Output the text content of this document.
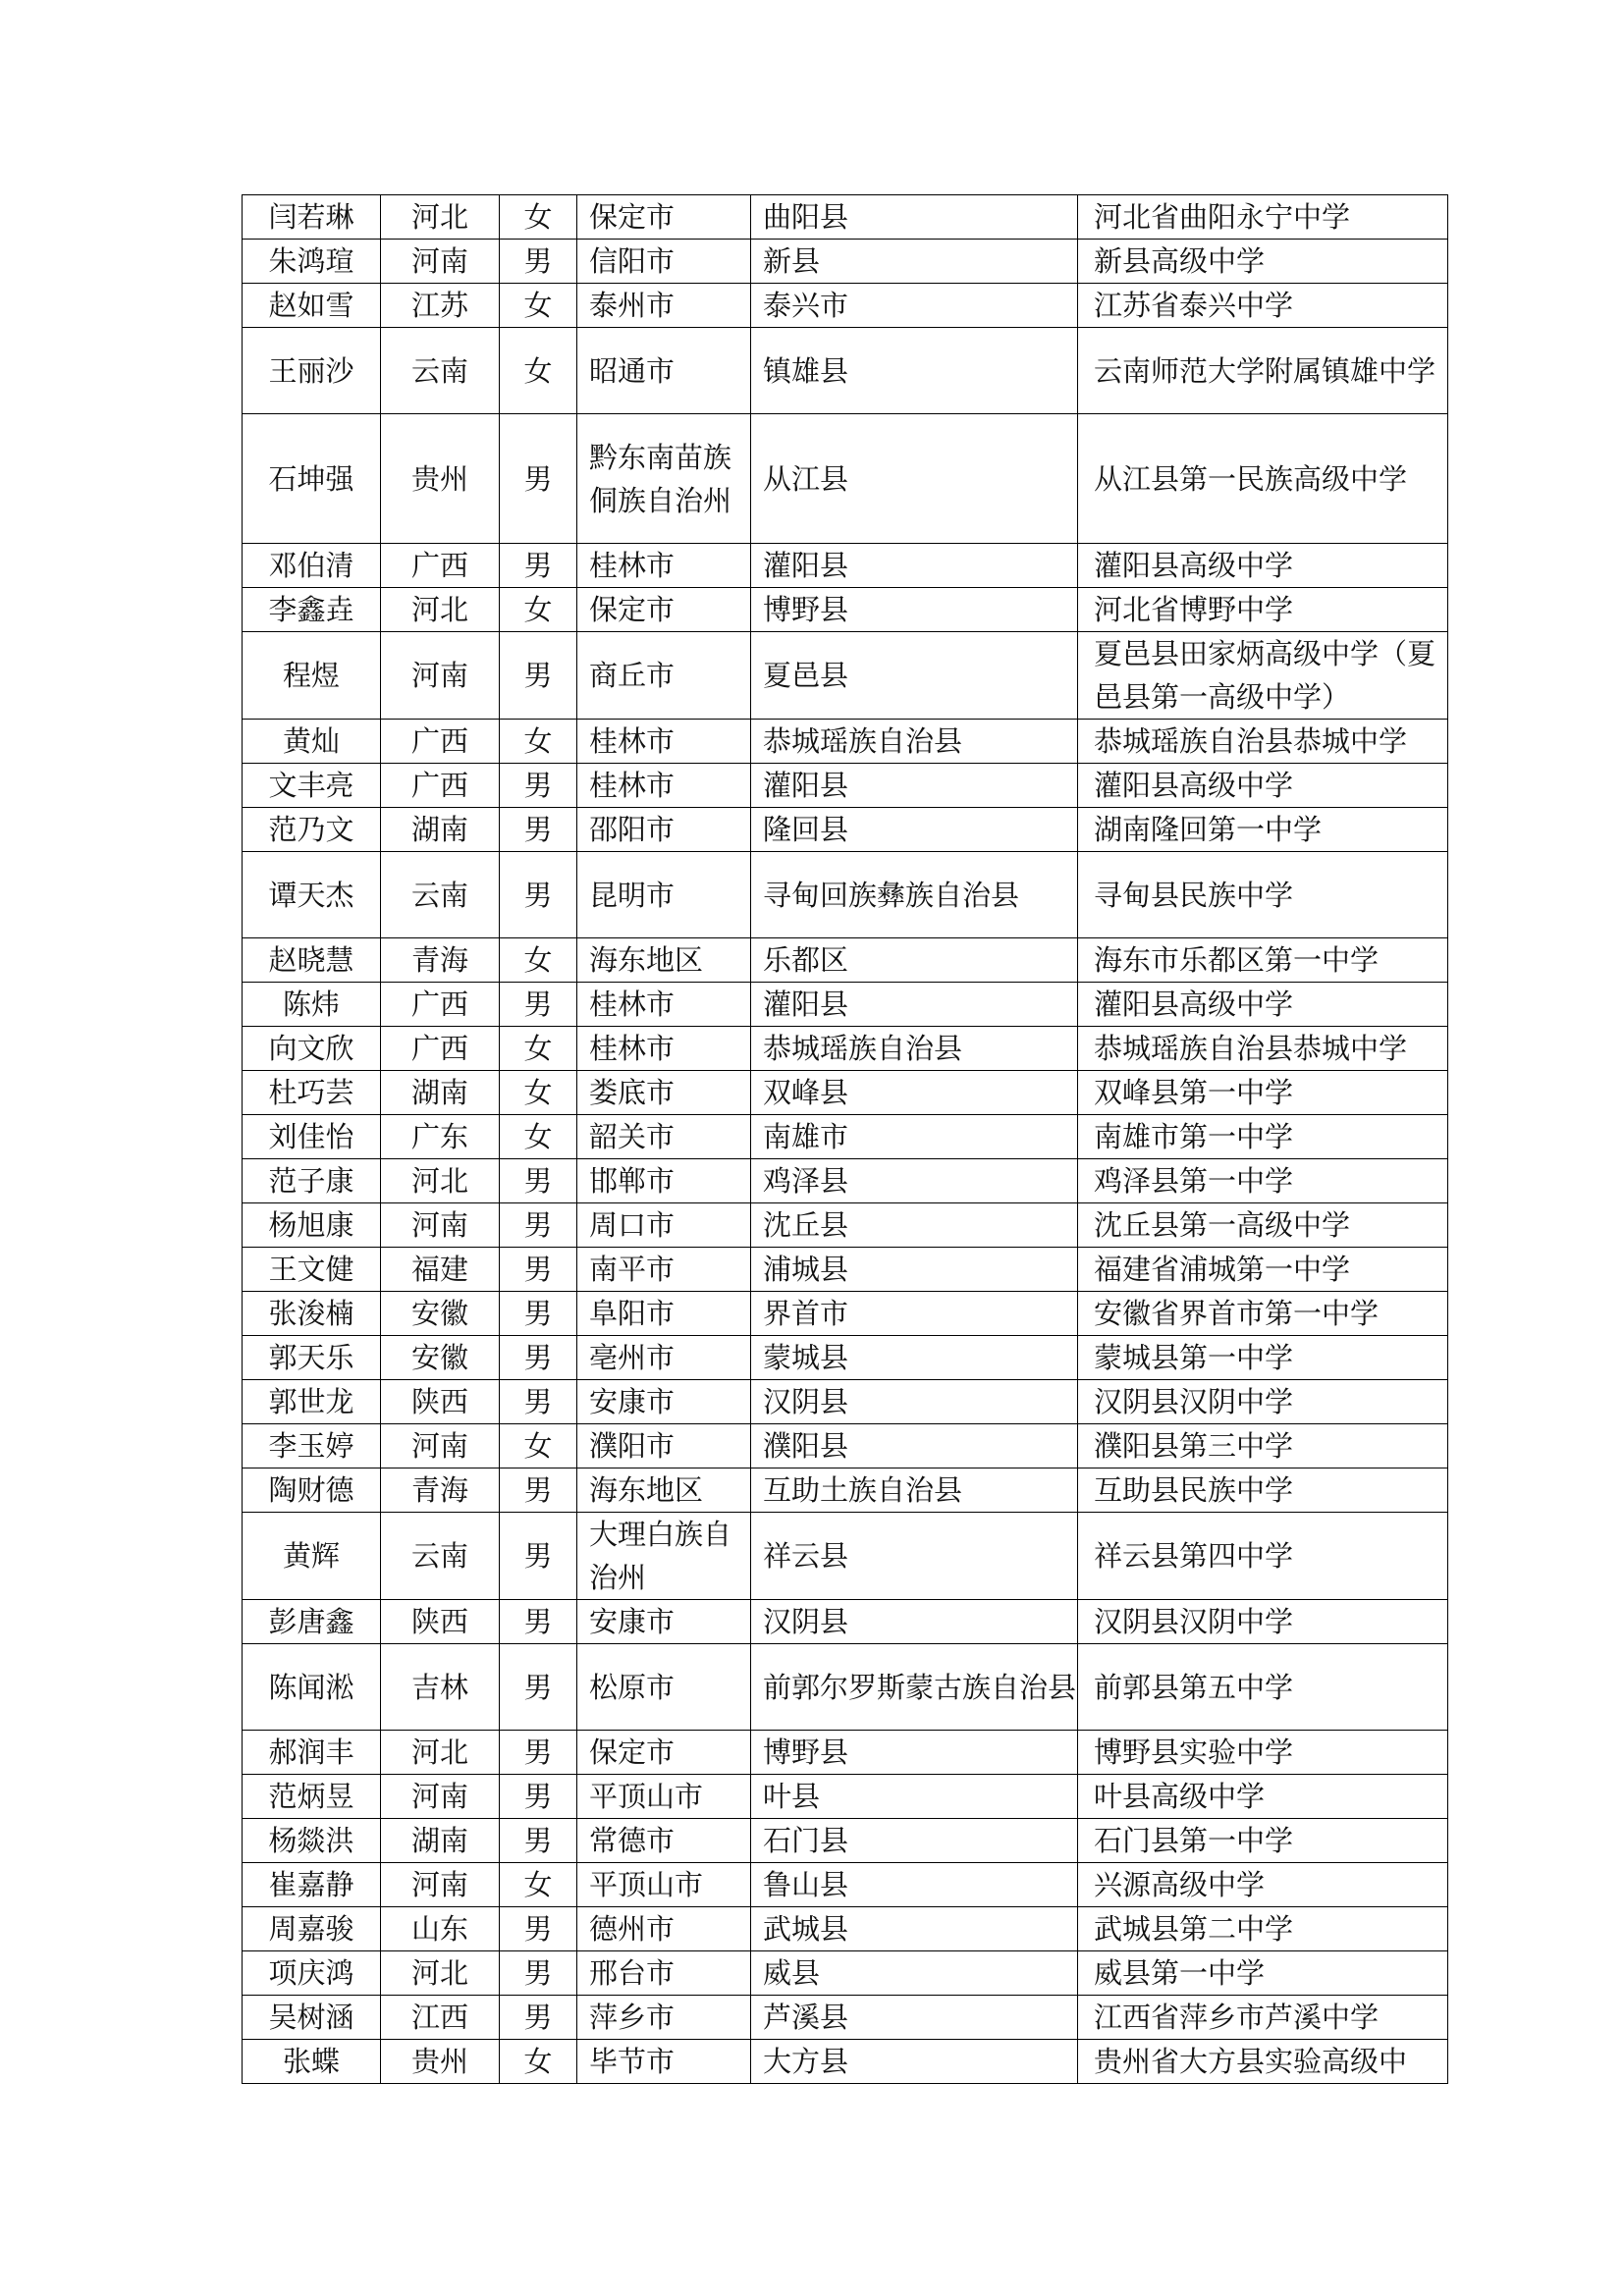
闫若琳	河北	女	保定市	曲阳县	河北省曲阳永宁中学
朱鸿瑄	河南	男	信阳市	新县	新县高级中学
赵如雪	江苏	女	泰州市	泰兴市	江苏省泰兴中学
王丽沙	云南	女	昭通市	镇雄县	云南师范大学附属镇雄中学
石坤强	贵州	男	黔东南苗族侗族自治州	从江县	从江县第一民族高级中学
邓伯清	广西	男	桂林市	灌阳县	灌阳县高级中学
李鑫垚	河北	女	保定市	博野县	河北省博野中学
程煜	河南	男	商丘市	夏邑县	夏邑县田家炳高级中学（夏邑县第一高级中学）
黄灿	广西	女	桂林市	恭城瑶族自治县	恭城瑶族自治县恭城中学
文丰亮	广西	男	桂林市	灌阳县	灌阳县高级中学
范乃文	湖南	男	邵阳市	隆回县	湖南隆回第一中学
谭天杰	云南	男	昆明市	寻甸回族彝族自治县	寻甸县民族中学
赵晓慧	青海	女	海东地区	乐都区	海东市乐都区第一中学
陈炜	广西	男	桂林市	灌阳县	灌阳县高级中学
向文欣	广西	女	桂林市	恭城瑶族自治县	恭城瑶族自治县恭城中学
杜巧芸	湖南	女	娄底市	双峰县	双峰县第一中学
刘佳怡	广东	女	韶关市	南雄市	南雄市第一中学
范子康	河北	男	邯郸市	鸡泽县	鸡泽县第一中学
杨旭康	河南	男	周口市	沈丘县	沈丘县第一高级中学
王文健	福建	男	南平市	浦城县	福建省浦城第一中学
张浚楠	安徽	男	阜阳市	界首市	安徽省界首市第一中学
郭天乐	安徽	男	亳州市	蒙城县	蒙城县第一中学
郭世龙	陕西	男	安康市	汉阴县	汉阴县汉阴中学
李玉婷	河南	女	濮阳市	濮阳县	濮阳县第三中学
陶财德	青海	男	海东地区	互助土族自治县	互助县民族中学
黄辉	云南	男	大理白族自治州	祥云县	祥云县第四中学
彭唐鑫	陕西	男	安康市	汉阴县	汉阴县汉阴中学
陈闻淞	吉林	男	松原市	前郭尔罗斯蒙古族自治县	前郭县第五中学
郝润丰	河北	男	保定市	博野县	博野县实验中学
范炳昱	河南	男	平顶山市	叶县	叶县高级中学
杨燚洪	湖南	男	常德市	石门县	石门县第一中学
崔嘉静	河南	女	平顶山市	鲁山县	兴源高级中学
周嘉骏	山东	男	德州市	武城县	武城县第二中学
项庆鸿	河北	男	邢台市	威县	威县第一中学
吴树涵	江西	男	萍乡市	芦溪县	江西省萍乡市芦溪中学
张蝶	贵州	女	毕节市	大方县	贵州省大方县实验高级中
